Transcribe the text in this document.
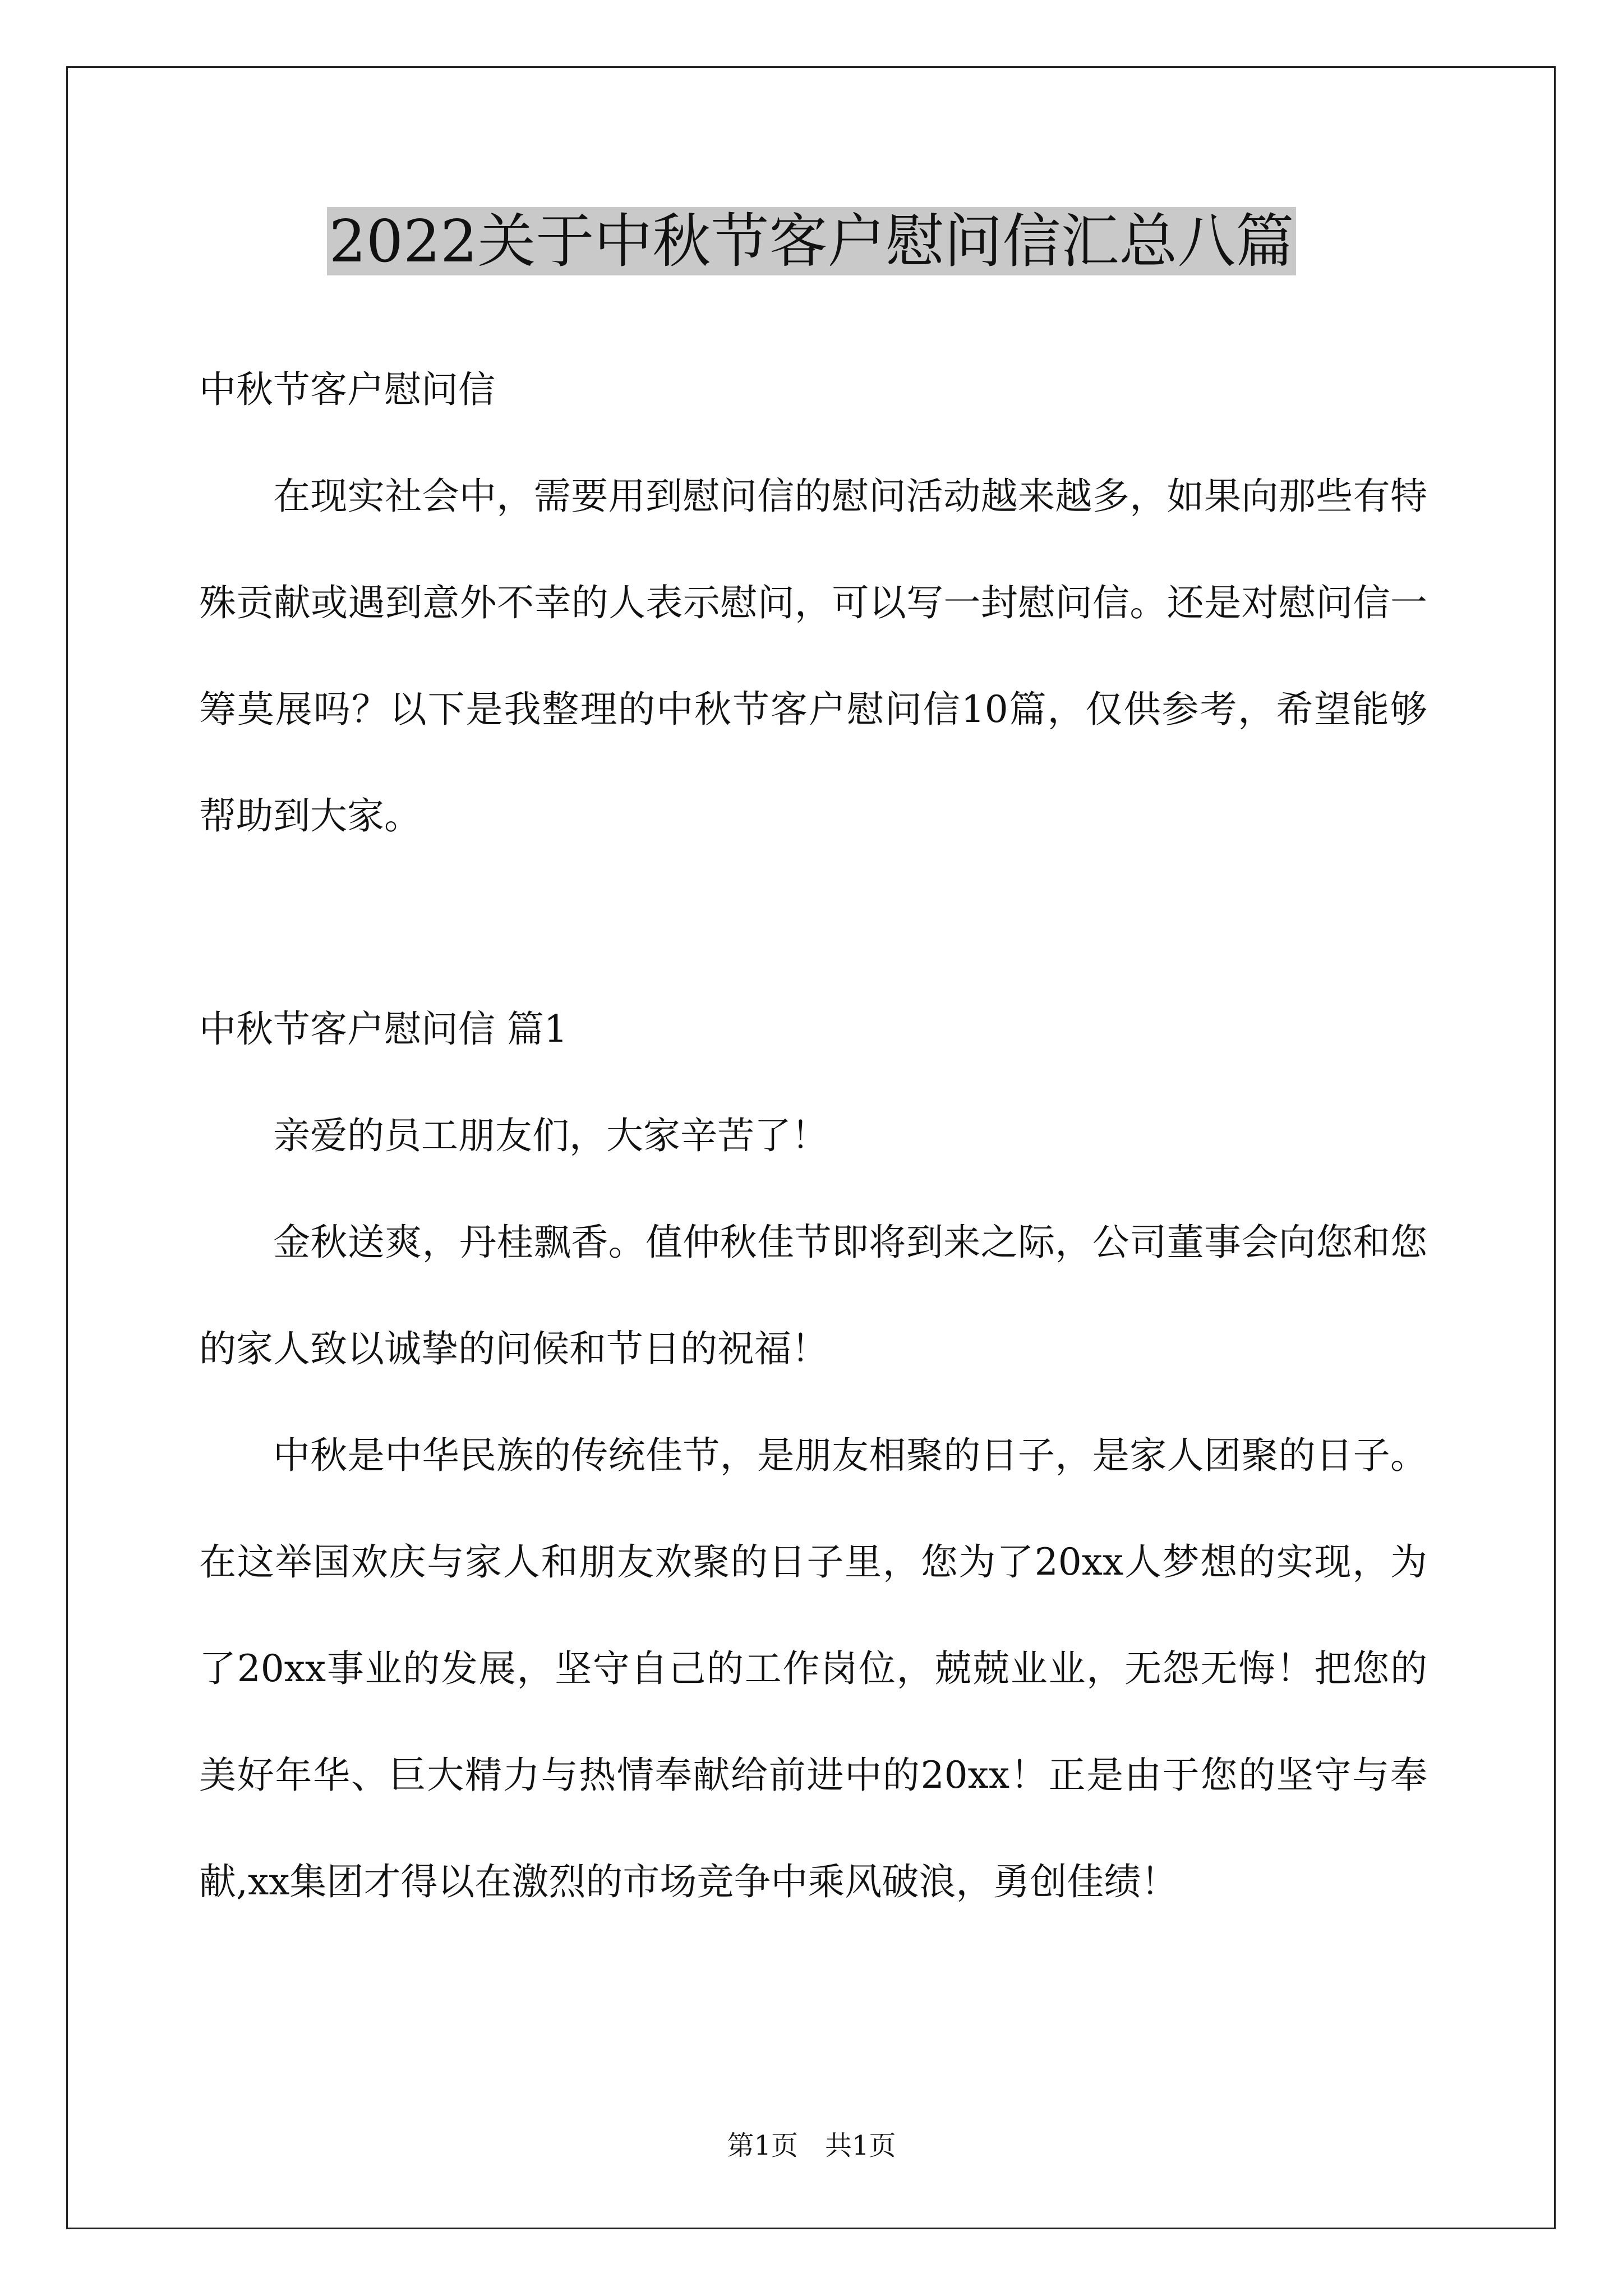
2022关于中秋节客户慰问信汇总八篇

中秋节客户慰问信

在现实社会中，需要用到慰问信的慰问活动越来越多，如果向那些有特殊贡献或遇到意外不幸的人表示慰问，可以写一封慰问信。还是对慰问信一筹莫展吗？以下是我整理的中秋节客户慰问信10篇，仅供参考，希望能够帮助到大家。

中秋节客户慰问信 篇1

亲爱的员工朋友们，大家辛苦了！

金秋送爽，丹桂飘香。值仲秋佳节即将到来之际，公司董事会向您和您的家人致以诚挚的问候和节日的祝福！

中秋是中华民族的传统佳节，是朋友相聚的日子，是家人团聚的日子。在这举国欢庆与家人和朋友欢聚的日子里，您为了20xx人梦想的实现，为了20xx事业的发展，坚守自己的工作岗位，兢兢业业，无怨无悔！把您的美好年华、巨大精力与热情奉献给前进中的20xx！正是由于您的坚守与奉献,xx集团才得以在激烈的市场竞争中乘风破浪，勇创佳绩！

第1页 共1页
